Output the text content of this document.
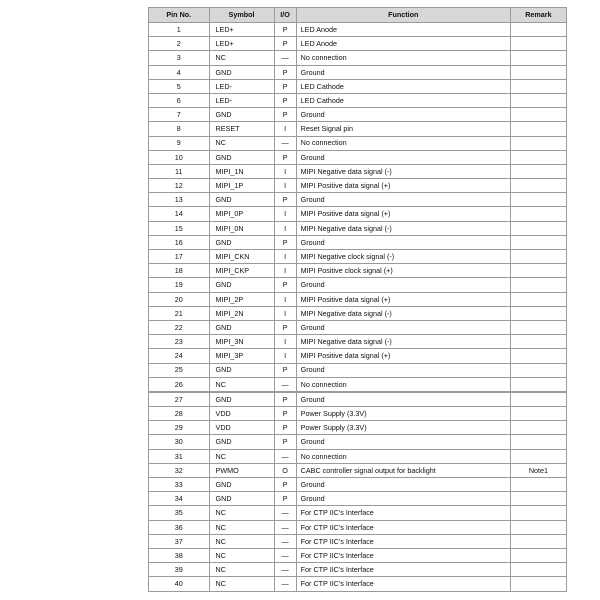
Pin No.	Symbol	I/O	Function	Remark
1	LED+	P	LED Anode	
2	LED+	P	LED Anode	
3	NC	—	No connection	
4	GND	P	Ground	
5	LED-	P	LED Cathode	
6	LED-	P	LED Cathode	
7	GND	P	Ground	
8	RESET	I	Reset Signal pin	
9	NC	—	No connection	
10	GND	P	Ground	
11	MIPI_1N	I	MIPI Negative data signal (-)	
12	MIPI_1P	I	MIPI Positive data signal (+)	
13	GND	P	Ground	
14	MIPI_0P	I	MIPI Positive data signal (+)	
15	MIPI_0N	I	MIPI Negative data signal (-)	
16	GND	P	Ground	
17	MIPI_CKN	I	MIPI Negative clock signal (-)	
18	MIPI_CKP	I	MIPI Positive clock signal (+)	
19	GND	P	Ground	
20	MIPI_2P	I	MIPI Positive data signal (+)	
21	MIPI_2N	I	MIPI Negative data signal (-)	
22	GND	P	Ground	
23	MIPI_3N	I	MIPI Negative data signal (-)	
24	MIPI_3P	I	MIPI Positive data signal (+)	
25	GND	P	Ground	
26	NC	—	No connection	
27	GND	P	Ground	
28	VDD	P	Power Supply (3.3V)	
29	VDD	P	Power Supply (3.3V)	
30	GND	P	Ground	
31	NC	—	No connection	
32	PWMO	O	CABC controller signal output for backlight	Note1
33	GND	P	Ground	
34	GND	P	Ground	
35	NC	—	For CTP IIC's Interface	
36	NC	—	For CTP IIC's Interface	
37	NC	—	For CTP IIC's Interface	
38	NC	—	For CTP IIC's Interface	
39	NC	—	For CTP IIC's Interface	
40	NC	—	For CTP IIC's Interface	
